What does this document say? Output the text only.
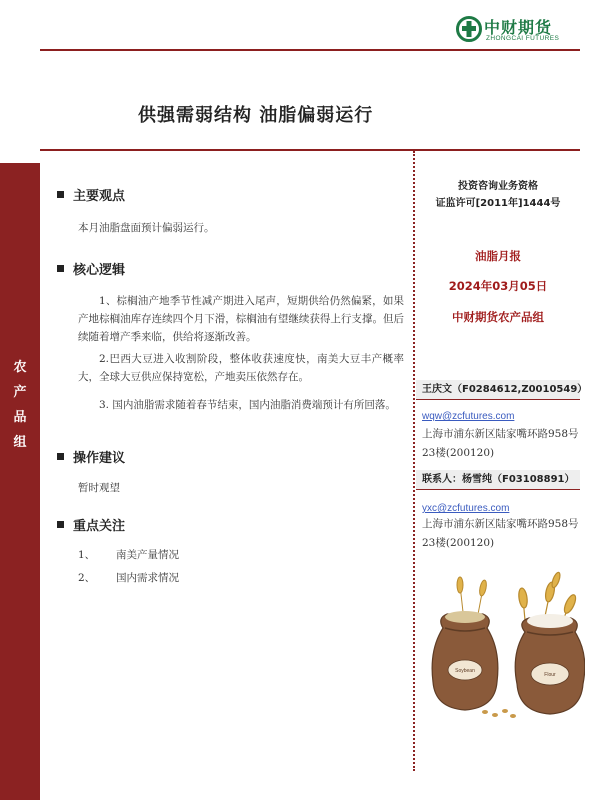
中财期货
ZHONGCAI FUTURES
供强需弱结构 油脂偏弱运行
农
产
品
组
主要观点
本月油脂盘面预计偏弱运行。
核心逻辑
1、棕榈油产地季节性减产期进入尾声，短期供给仍然偏紧，如果产地棕榈油库存连续四个月下滑，棕榈油有望继续获得上行支撑。但后续随着增产季来临，供给将逐渐改善。
2.巴西大豆进入收割阶段，整体收获速度快，南美大豆丰产概率大，全球大豆供应保持宽松，产地卖压依然存在。
3. 国内油脂需求随着春节结束，国内油脂消费端预计有所回落。
操作建议
暂时观望
重点关注
1、 南美产量情况
2、 国内需求情况
投资咨询业务资格
证监许可[2011年]1444号
油脂月报
2024年03月05日
中财期货农产品组
王庆文（F0284612,Z0010549）
wqw@zcfutures.com
上海市浦东新区陆家嘴环路958号23楼(200120)
联系人：杨雪纯（F03108891）
yxc@zcfutures.com
上海市浦东新区陆家嘴环路958号23楼(200120)
Soybean
Flour
